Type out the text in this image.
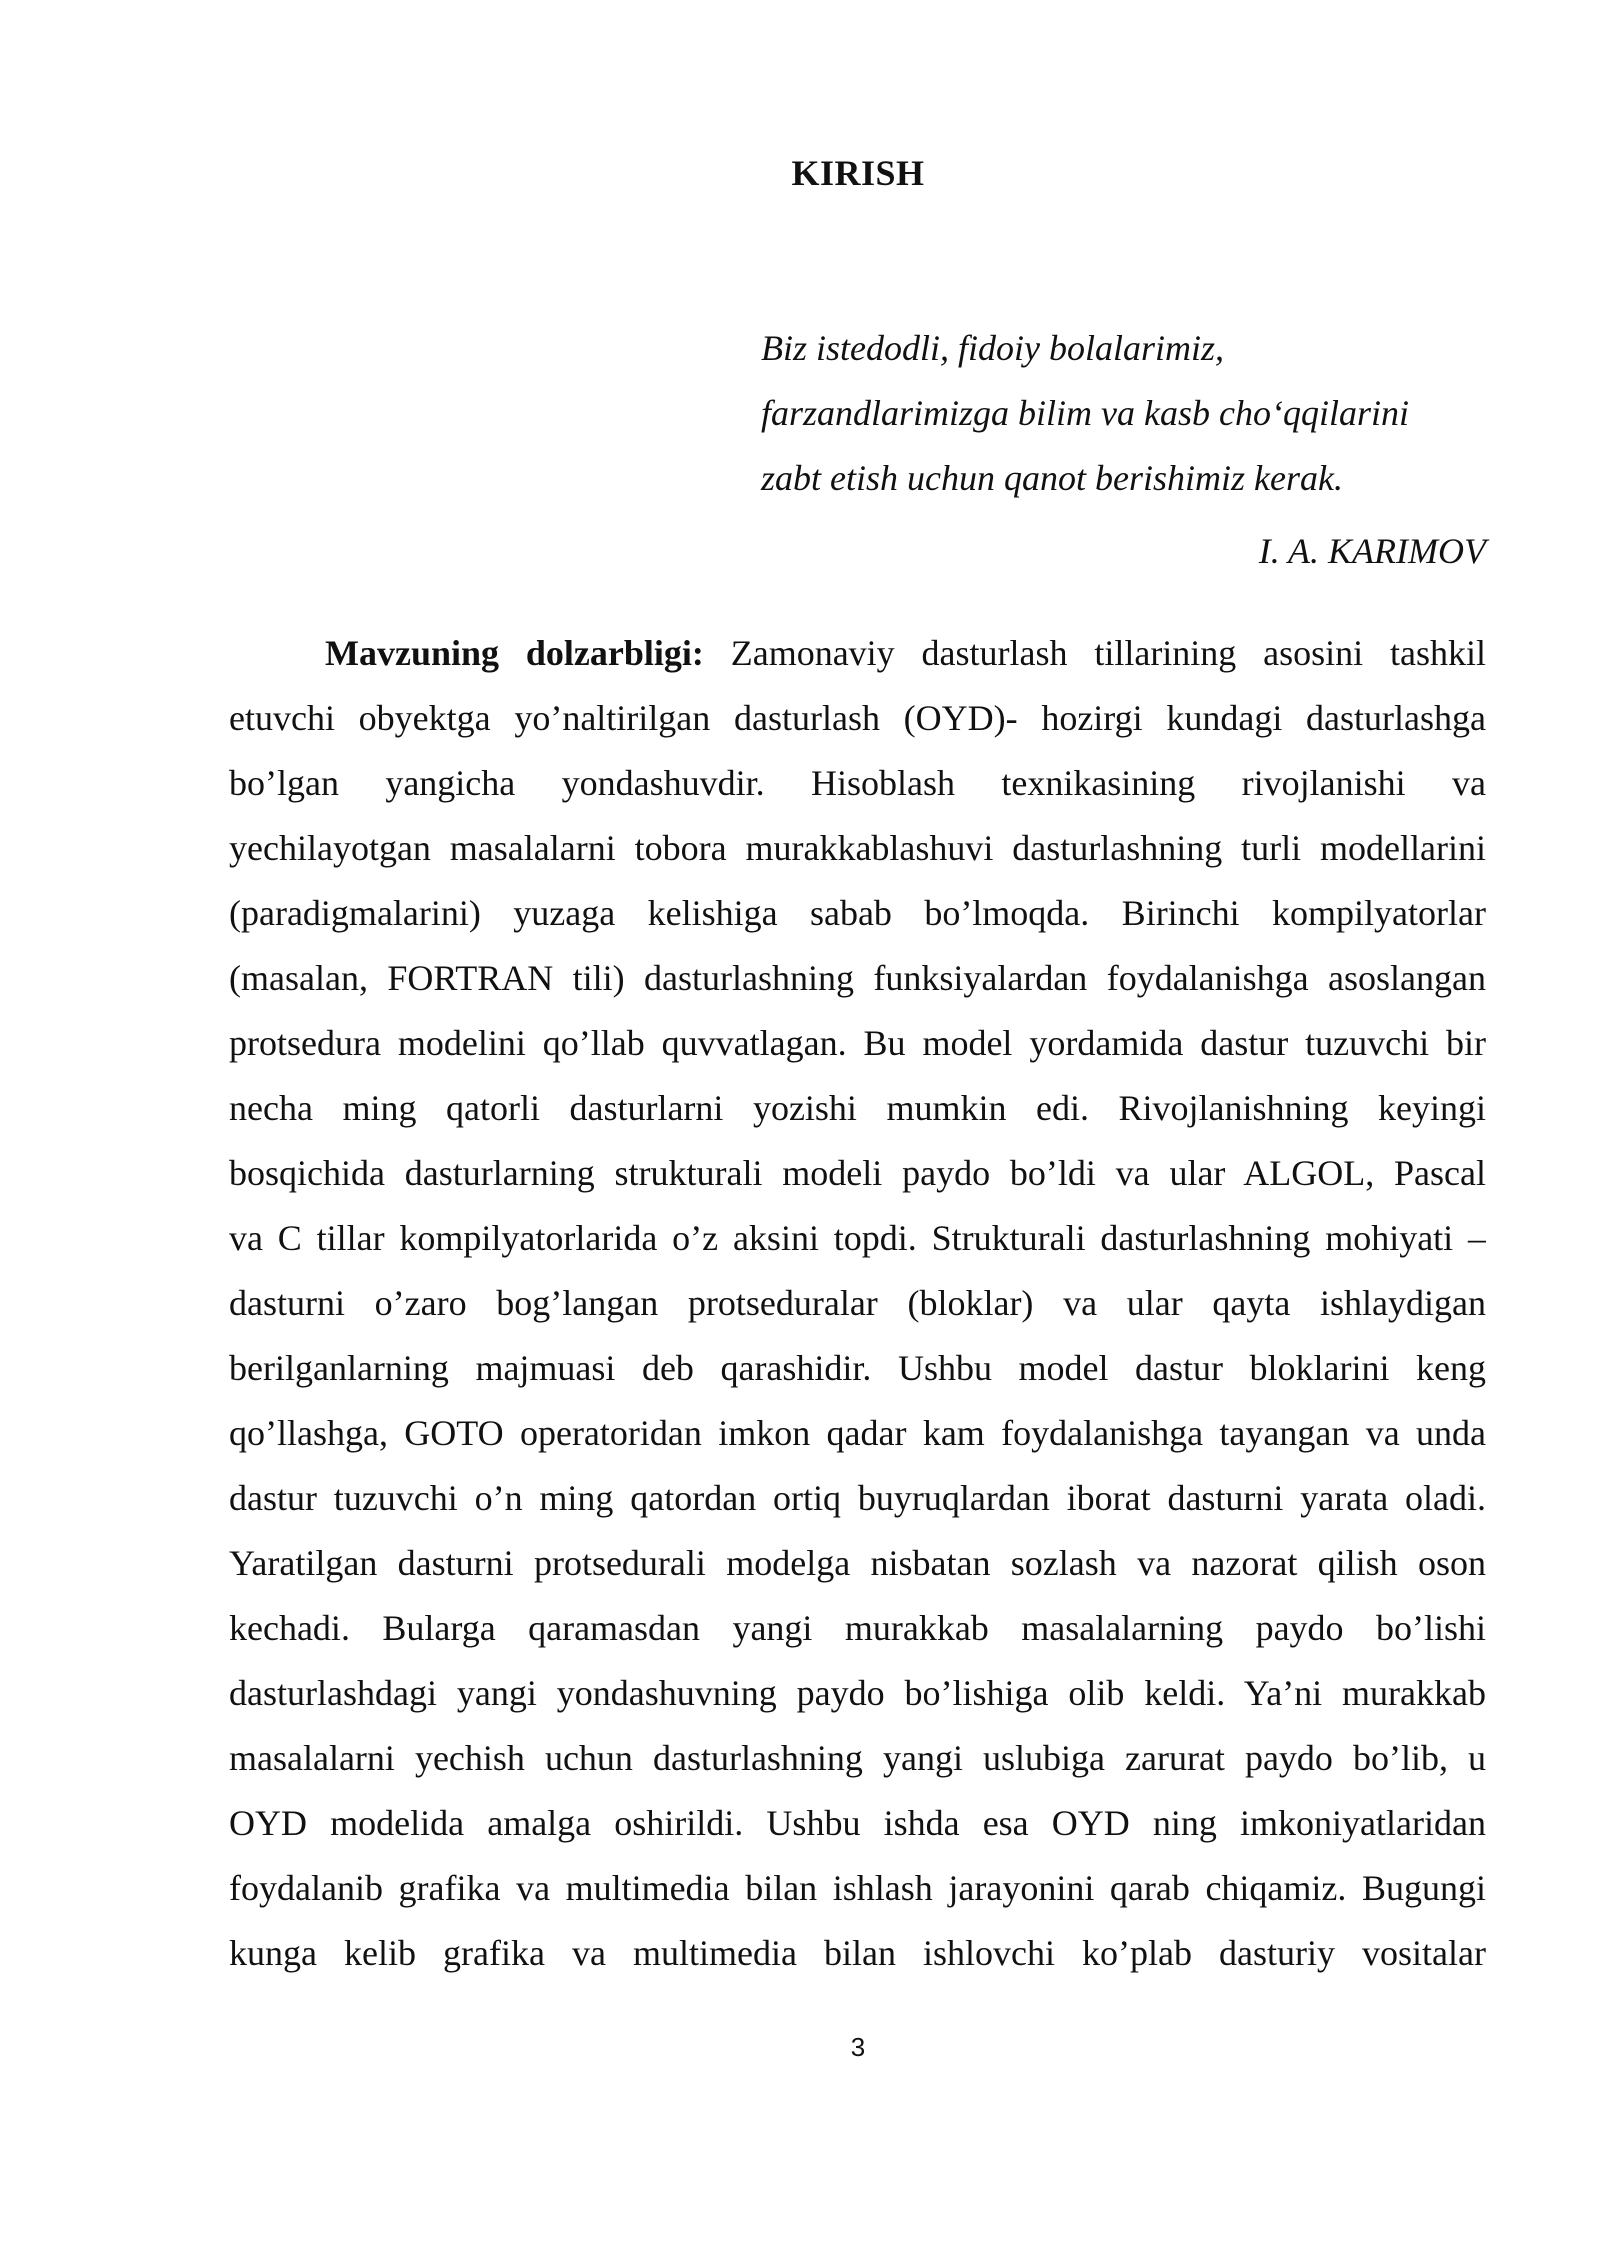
KIRISH
Biz istedodli, fidoiy bolalarimiz,
farzandlarimizga bilim va kasb cho‘qqilarini
zabt etish uchun qanot berishimiz kerak.
I. A. KARIMOV
Mavzuning dolzarbligi: Zamonaviy dasturlash tillarining asosini tashkil
etuvchi obyektga yo’naltirilgan dasturlash (OYD)- hozirgi kundagi dasturlashga
bo’lgan yangicha yondashuvdir. Hisoblash texnikasining rivojlanishi va
yechilayotgan masalalarni tobora murakkablashuvi dasturlashning turli modellarini
(paradigmalarini) yuzaga kelishiga sabab bo’lmoqda. Birinchi kompilyatorlar
(masalan, FORTRAN tili) dasturlashning funksiyalardan foydalanishga asoslangan
protsedura modelini qo’llab quvvatlagan. Bu model yordamida dastur tuzuvchi bir
necha ming qatorli dasturlarni yozishi mumkin edi. Rivojlanishning keyingi
bosqichida dasturlarning strukturali modeli paydo bo’ldi va ular ALGOL, Pascal
va C tillar kompilyatorlarida o’z aksini topdi. Strukturali dasturlashning mohiyati –
dasturni o’zaro bog’langan protseduralar (bloklar) va ular qayta ishlaydigan
berilganlarning majmuasi deb qarashidir. Ushbu model dastur bloklarini keng
qo’llashga, GOTO operatoridan imkon qadar kam foydalanishga tayangan va unda
dastur tuzuvchi o’n ming qatordan ortiq buyruqlardan iborat dasturni yarata oladi.
Yaratilgan dasturni protsedurali modelga nisbatan sozlash va nazorat qilish oson
kechadi. Bularga qaramasdan yangi murakkab masalalarning paydo bo’lishi
dasturlashdagi yangi yondashuvning paydo bo’lishiga olib keldi. Ya’ni murakkab
masalalarni yechish uchun dasturlashning yangi uslubiga zarurat paydo bo’lib, u
OYD modelida amalga oshirildi. Ushbu ishda esa OYD ning imkoniyatlaridan
foydalanib grafika va multimedia bilan ishlash jarayonini qarab chiqamiz. Bugungi
kunga kelib grafika va multimedia bilan ishlovchi ko’plab dasturiy vositalar
3
